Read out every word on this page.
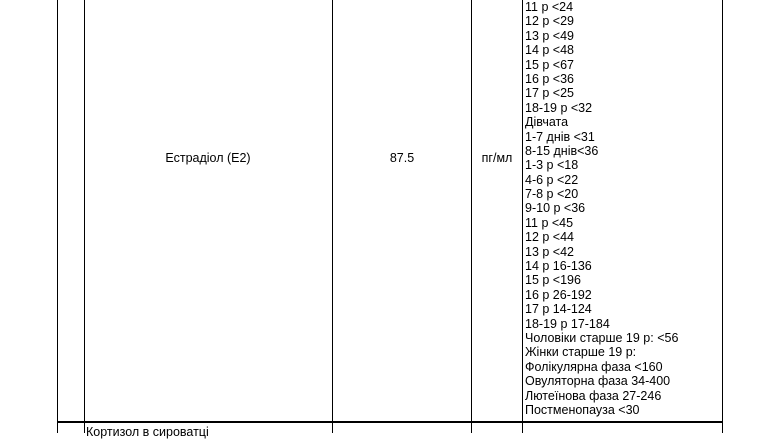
Естрадіол (Е2)	87.5	пг/мл
11 р <24
12 р <29
13 р <49
14 р <48
15 р <67
16 р <36
17 р <25
18-19 р <32
Дівчата
1-7 днів <31
8-15 днів<36
1-3 р <18
4-6 р <22
7-8 р <20
9-10 р <36
11 р <45
12 р <44
13 р <42
14 р 16-136
15 р <196
16 р 26-192
17 р 14-124
18-19 р 17-184
Чоловіки старше 19 р: <56
Жінки старше 19 р:
Фолікулярна фаза <160
Овуляторна фаза 34-400
Лютеїнова фаза 27-246
Постменопауза <30
Кортизол в сироватці
